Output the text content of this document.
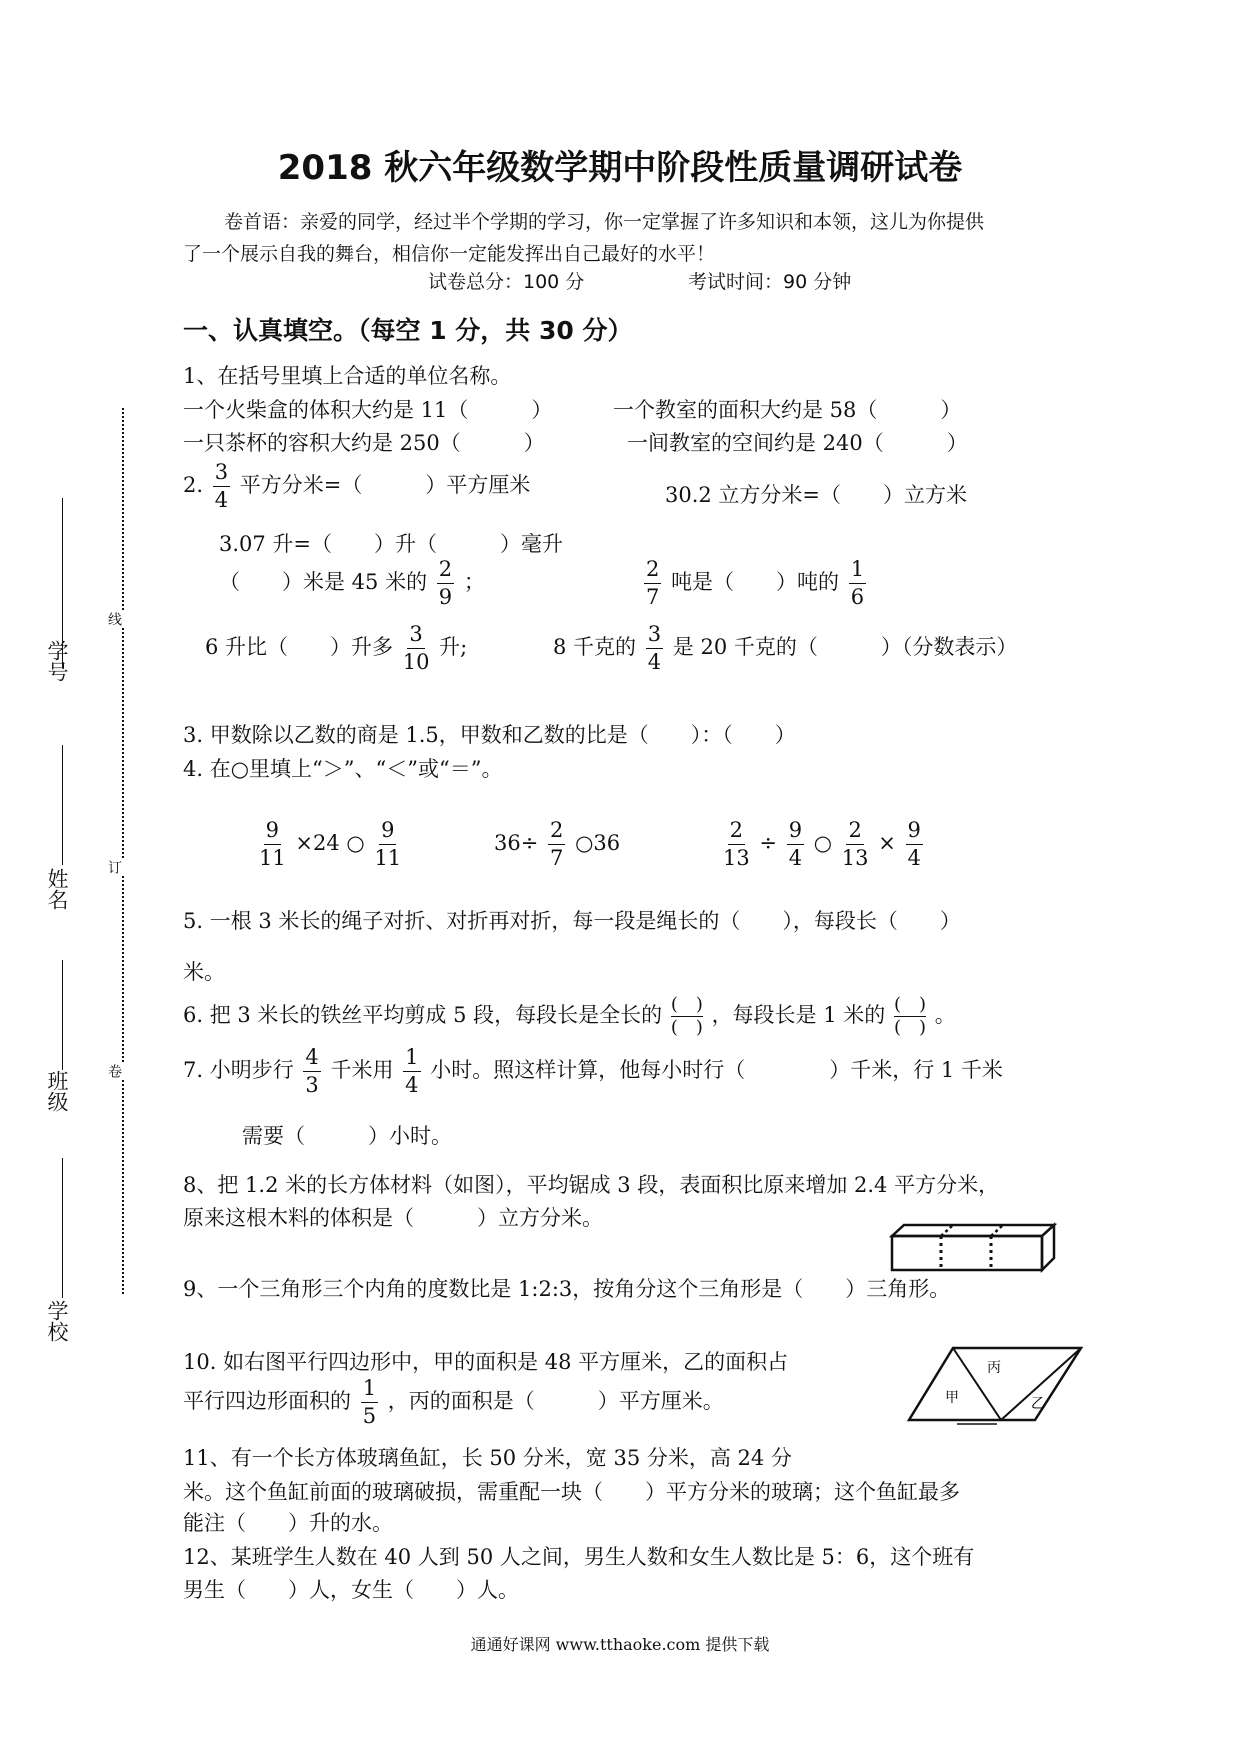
学号
姓名
班级
学校
线
订
卷
2018 秋六年级数学期中阶段性质量调研试卷
卷首语：亲爱的同学，经过半个学期的学习，你一定掌握了许多知识和本领，这儿为你提供
了一个展示自我的舞台，相信你一定能发挥出自己最好的水平！
试卷总分：100 分	考试时间：90 分钟
一、认真填空。（每空 1 分，共 30 分）
1、在括号里填上合适的单位名称。
一个火柴盒的体积大约是 11（　　　）	一个教室的面积大约是 58（　　　）
一只茶杯的容积大约是 250（　　　）	一间教室的空间约是 240（　　　）
2. $\frac{3}{4}$ 平方分米=（　　　）平方厘米	30.2 立方分米=（　　）立方米
3.07 升=（　　）升（　　　）毫升
（　　）米是 45 米的 $\frac{2}{9}$ ；	$\frac{2}{7}$ 吨是（　　）吨的 $\frac{1}{6}$
6 升比（　　）升多 $\frac{3}{10}$ 升;	8 千克的 $\frac{3}{4}$ 是 20 千克的（　　　）（分数表示）
3. 甲数除以乙数的商是 1.5，甲数和乙数的比是（　　）：（　　）
4. 在○里填上“＞”、“＜”或“＝”。
$\frac{9}{11} \times 24$ ○ $\frac{9}{11}$	$36\div \frac{2}{7}$ ○36	$\frac{2}{13} \div \frac{9}{4}$ ○ $\frac{2}{13} \times \frac{9}{4}$
5. 一根 3 米长的绳子对折、对折再对折，每一段是绳长的（　　），每段长（　　）
米。
6. 把 3 米长的铁丝平均剪成 5 段，每段长是全长的 (　)
(　)
，每段长是 1 米的 (　)
(　)
。
7. 小明步行 $\frac{4}{3}$ 千米用 $\frac{1}{4}$ 小时。照这样计算，他每小时行（　　　　）千米，行 1 千米
需要（　　　）小时。
8、把 1.2 米的长方体材料（如图），平均锯成 3 段，表面积比原来增加 2.4 平方分米，
原来这根木料的体积是（　　　）立方分米。
9、一个三角形三个内角的度数比是 1:2:3，按角分这个三角形是（　　）三角形。
10. 如右图平行四边形中，甲的面积是 48 平方厘米，乙的面积占
平行四边形面积的 $\frac{1}{5}$ ，丙的面积是（　　　）平方厘米。
丙
甲	乙
11、有一个长方体玻璃鱼缸，长 50 分米，宽 35 分米，高 24 分
米。这个鱼缸前面的玻璃破损，需重配一块（　　）平方分米的玻璃；这个鱼缸最多
能注（　　）升的水。
12、某班学生人数在 40 人到 50 人之间，男生人数和女生人数比是 5：6，这个班有
男生（　　）人，女生（　　）人。
通通好课网 www.tthaoke.com 提供下载
